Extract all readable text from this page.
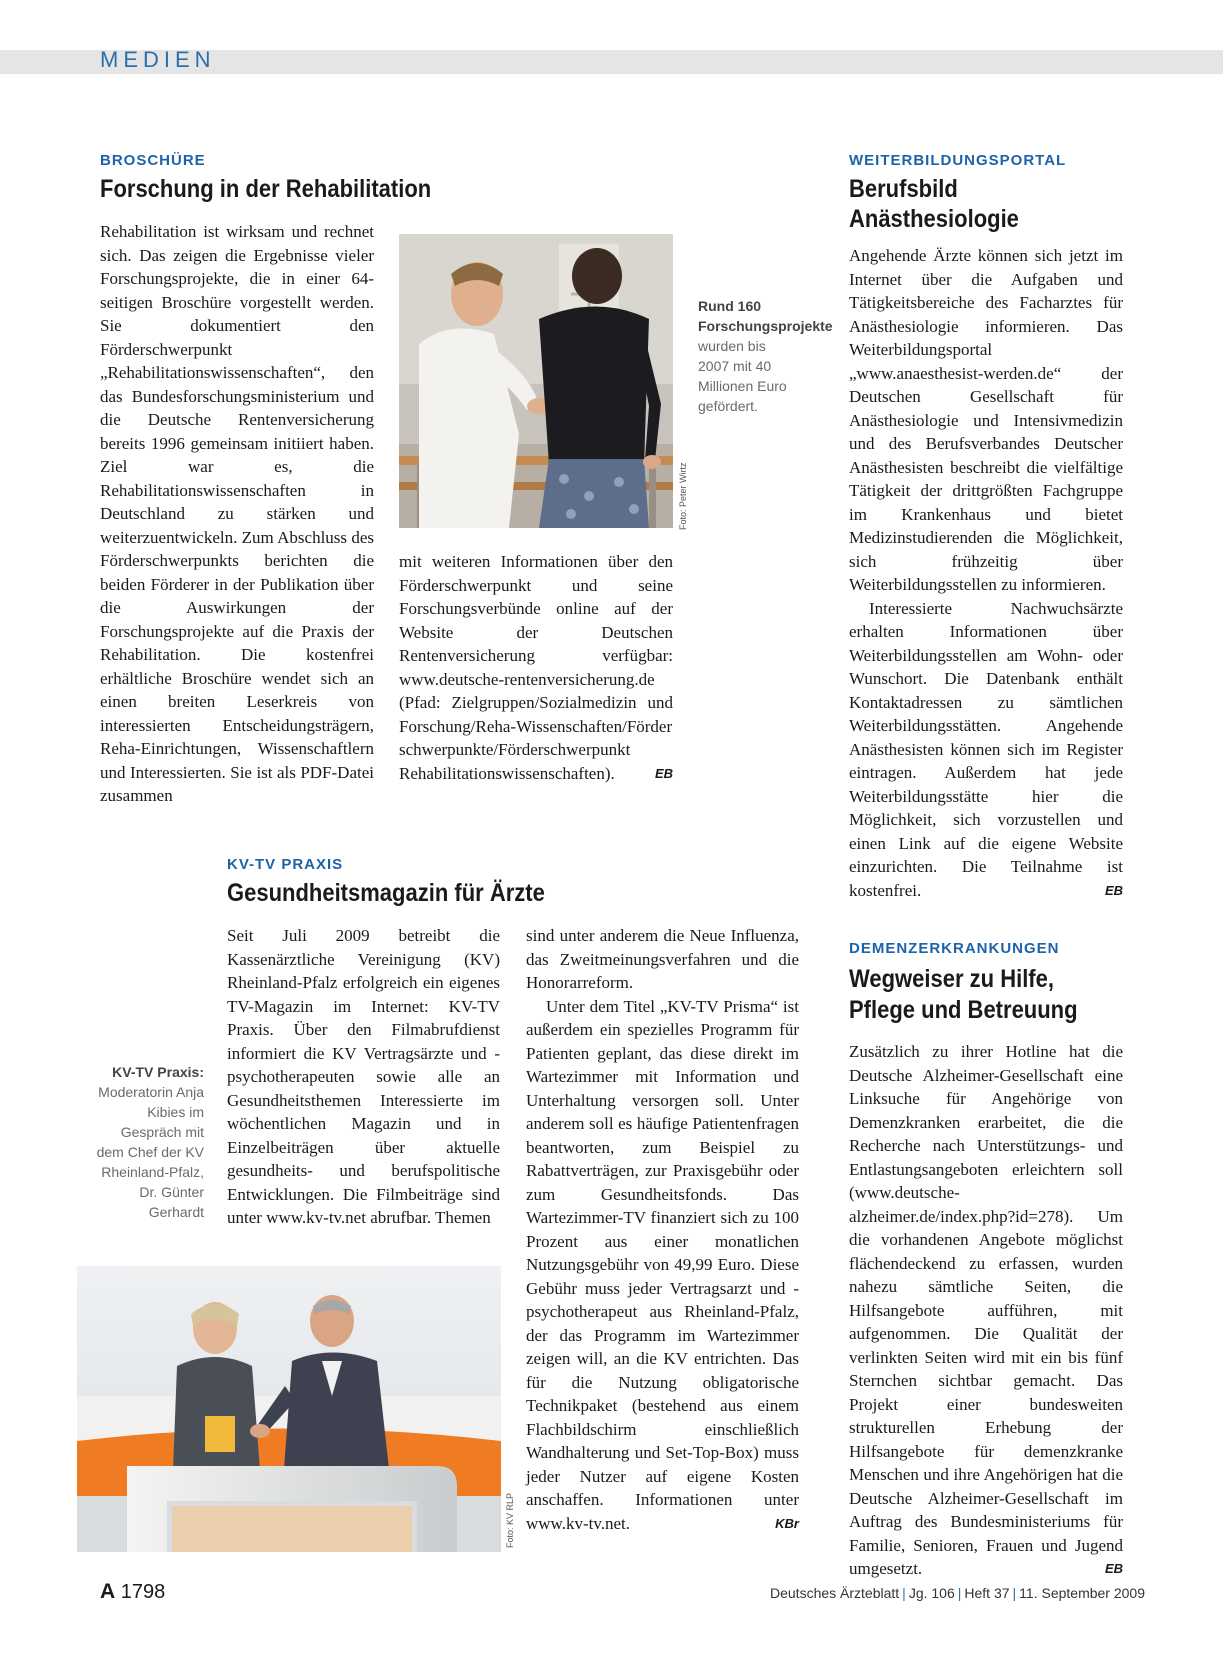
MEDIEN
BROSCHÜRE
Forschung in der Rehabilitation

Rehabilitation ist wirksam und rechnet sich. Das zeigen die Ergebnisse vieler Forschungsprojekte, die in einer 64-seitigen Broschüre vorgestellt werden. Sie dokumentiert den Förderschwerpunkt „Rehabilitationswissenschaften“, den das Bundesforschungsministerium und die Deutsche Rentenversicherung bereits 1996 gemeinsam initiiert haben. Ziel war es, die Rehabilitationswissenschaften in Deutschland zu stärken und weiterzuentwickeln. Zum Abschluss des Förderschwerpunkts berichten die beiden Förderer in der Publikation über die Auswirkungen der Forschungsprojekte auf die Praxis der Rehabilitation. Die kostenfrei erhältliche Broschüre wendet sich an einen breiten Leserkreis von interessierten Entscheidungsträgern, Reha-Einrichtungen, Wissenschaftlern und Interessierten. Sie ist als PDF-Datei zusammen

Foto: Peter Wirtz
Rund 160 Forschungsprojekte wurden bis 2007 mit 40 Millionen Euro gefördert.

mit weiteren Informationen über den Förderschwerpunkt und seine Forschungsverbünde online auf der Website der Deutschen Rentenversicherung verfügbar: www.deutsche-rentenversicherung.de (Pfad: Zielgruppen/Sozialmedizin und Forschung/Reha-Wissenschaften/Förder schwerpunkte/Förderschwerpunkt Rehabilitationswissenschaften).	EB

WEITERBILDUNGSPORTAL
Berufsbild
Anästhesiologie

Angehende Ärzte können sich jetzt im Internet über die Aufgaben und Tätigkeitsbereiche des Facharztes für Anästhesiologie informieren. Das Weiterbildungsportal „www.anaesthesist-werden.de“ der Deutschen Gesellschaft für Anästhesiologie und Intensivmedizin und des Berufsverbandes Deutscher Anästhesisten beschreibt die vielfältige Tätigkeit der drittgrößten Fachgruppe im Krankenhaus und bietet Medizinstudierenden die Möglichkeit, sich frühzeitig über Weiterbildungsstellen zu informieren.

Interessierte Nachwuchsärzte erhalten Informationen über Weiterbildungsstellen am Wohn- oder Wunschort. Die Datenbank enthält Kontaktadressen zu sämtlichen Weiterbildungsstätten. Angehende Anästhesisten können sich im Register eintragen. Außerdem hat jede Weiterbildungsstätte hier die Möglichkeit, sich vorzustellen und einen Link auf die eigene Website einzurichten. Die Teilnahme ist kostenfrei.	EB

KV-TV PRAXIS
Gesundheitsmagazin für Ärzte
KV-TV Praxis:
Moderatorin Anja Kibies im Gespräch mit dem Chef der KV Rheinland-Pfalz, Dr. Günter Gerhardt

Seit Juli 2009 betreibt die Kassenärztliche Vereinigung (KV) Rheinland-Pfalz erfolgreich ein eigenes TV-Magazin im Internet: KV-TV Praxis. Über den Filmabrufdienst informiert die KV Vertragsärzte und -psychotherapeuten sowie alle an Gesundheitsthemen Interessierte im wöchentlichen Magazin und in Einzelbeiträgen über aktuelle gesundheits- und berufspolitische Entwicklungen. Die Filmbeiträge sind unter www.kv-tv.net abrufbar. Themen

sind unter anderem die Neue Influenza, das Zweitmeinungsverfahren und die Honorarreform.

Unter dem Titel „KV-TV Prisma“ ist außerdem ein spezielles Programm für Patienten geplant, das diese direkt im Wartezimmer mit Information und Unterhaltung versorgen soll. Unter anderem soll es häufige Patientenfragen beantworten, zum Beispiel zu Rabattverträgen, zur Praxisgebühr oder zum Gesundheitsfonds. Das Wartezimmer-TV finanziert sich zu 100 Prozent aus einer monatlichen Nutzungsgebühr von 49,99 Euro. Diese Gebühr muss jeder Vertragsarzt und -psychotherapeut aus Rheinland-Pfalz, der das Programm im Wartezimmer zeigen will, an die KV entrichten. Das für die Nutzung obligatorische Technikpaket (bestehend aus einem Flachbildschirm einschließlich Wandhalterung und Set-Top-Box) muss jeder Nutzer auf eigene Kosten anschaffen. Informationen unter www.kv-tv.net.	KBr

Foto: KV RLP
DEMENZERKRANKUNGEN
Wegweiser zu Hilfe,
Pflege und Betreuung

Zusätzlich zu ihrer Hotline hat die Deutsche Alzheimer-Gesellschaft eine Linksuche für Angehörige von Demenzkranken erarbeitet, die die Recherche nach Unterstützungs- und Entlastungsangeboten erleichtern soll (www.deutsche-alzheimer.de/index.php?id=278). Um die vorhandenen Angebote möglichst flächendeckend zu erfassen, wurden nahezu sämtliche Seiten, die Hilfsangebote aufführen, mit aufgenommen. Die Qualität der verlinkten Seiten wird mit ein bis fünf Sternchen sichtbar gemacht. Das Projekt einer bundesweiten strukturellen Erhebung der Hilfsangebote für demenzkranke Menschen und ihre Angehörigen hat die Deutsche Alzheimer-Gesellschaft im Auftrag des Bundesministeriums für Familie, Senioren, Frauen und Jugend umgesetzt.	EB

A 1798	Deutsches Ärzteblatt | Jg. 106 | Heft 37 | 11. September 2009
